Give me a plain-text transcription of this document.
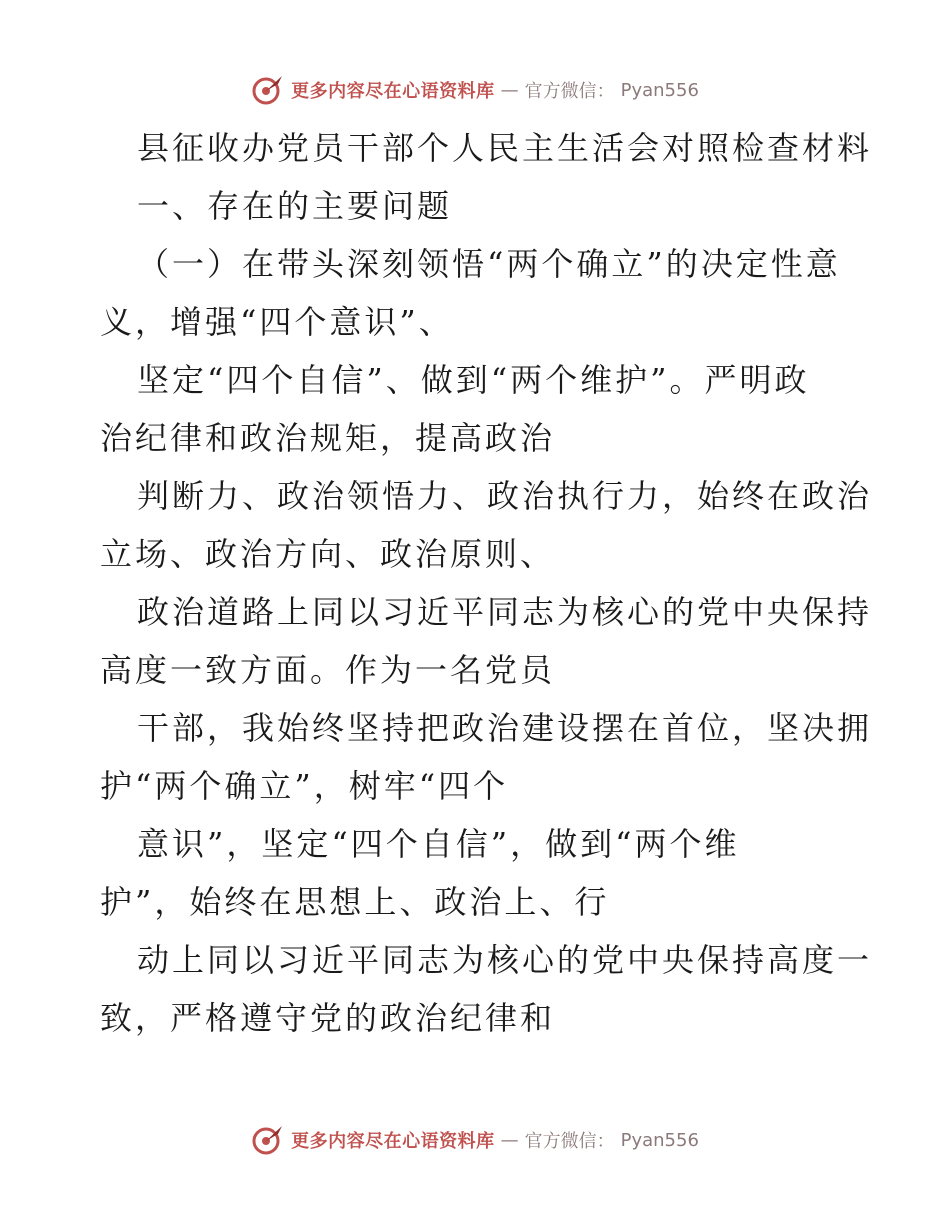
更多内容尽在心语资料库 — 官方微信： Pyan556
县征收办党员干部个人民主生活会对照检查材料
一、存在的主要问题
（一）在带头深刻领悟“两个确立”的决定性意
义，增强“四个意识”、
坚定“四个自信”、做到“两个维护”。严明政
治纪律和政治规矩，提高政治
判断力、政治领悟力、政治执行力，始终在政治
立场、政治方向、政治原则、
政治道路上同以习近平同志为核心的党中央保持
高度一致方面。作为一名党员
干部，我始终坚持把政治建设摆在首位，坚决拥
护“两个确立”，树牢“四个
意识”，坚定“四个自信”，做到“两个维
护”，始终在思想上、政治上、行
动上同以习近平同志为核心的党中央保持高度一
致，严格遵守党的政治纪律和
更多内容尽在心语资料库 — 官方微信： Pyan556
